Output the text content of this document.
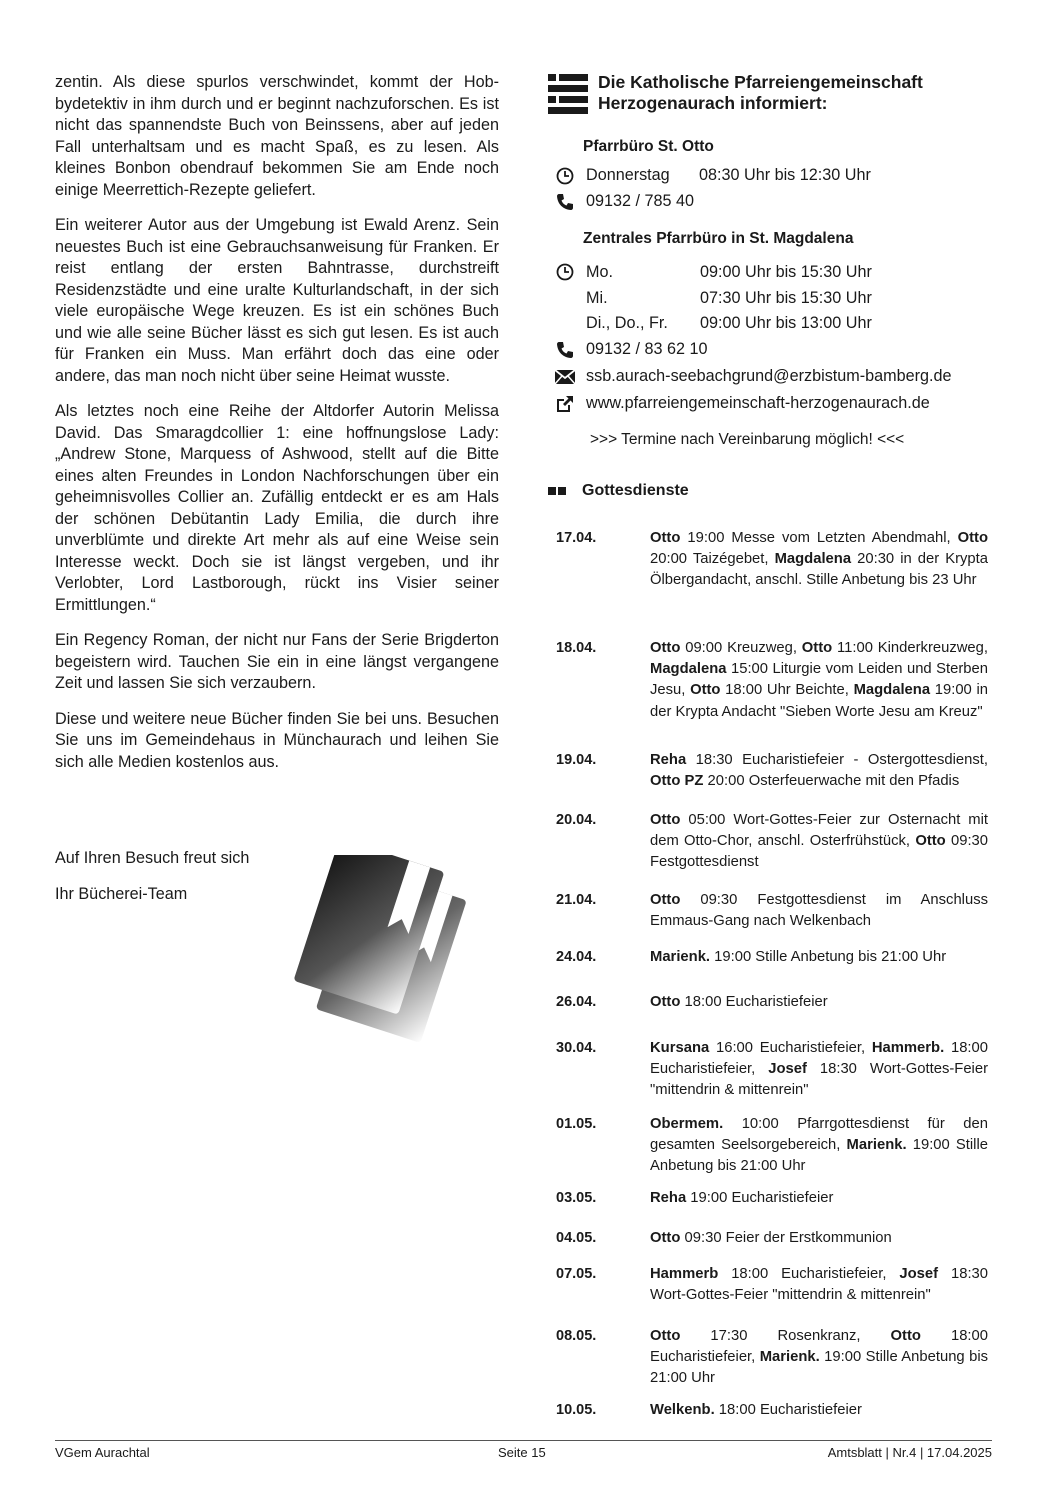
zentin. Als diese spurlos verschwindet, kommt der Hobbydetektiv in ihm durch und er beginnt nachzuforschen. Es ist nicht das spannendste Buch von Beinssens, aber auf jeden Fall unterhaltsam und es macht Spaß, es zu lesen. Als kleines Bonbon obendrauf bekommen Sie am Ende noch einige Meerrettich-Rezepte geliefert.

Ein weiterer Autor aus der Umgebung ist Ewald Arenz. Sein neuestes Buch ist eine Gebrauchsanweisung für Franken. Er reist entlang der ersten Bahntrasse, durchstreift Residenzstädte und eine uralte Kulturlandschaft, in der sich viele europäische Wege kreuzen. Es ist ein schönes Buch und wie alle seine Bücher lässt es sich gut lesen. Es ist auch für Franken ein Muss. Man erfährt doch das eine oder andere, das man noch nicht über seine Heimat wusste.

Als letztes noch eine Reihe der Altdorfer Autorin Melissa David. Das Smaragdcollier 1: eine hoffnungslose Lady: „Andrew Stone, Marquess of Ashwood, stellt auf die Bitte eines alten Freundes in London Nachforschungen über ein geheimnisvolles Collier an. Zufällig entdeckt er es am Hals der schönen Debütantin Lady Emilia, die durch ihre unverblümte und direkte Art mehr als auf eine Weise sein Interesse weckt. Doch sie ist längst vergeben, und ihr Verlobter, Lord Lastborough, rückt ins Visier seiner Ermittlungen.“

Ein Regency Roman, der nicht nur Fans der Serie Brigderton begeistern wird. Tauchen Sie ein in eine längst vergangene Zeit und lassen Sie sich verzaubern.

Diese und weitere neue Bücher finden Sie bei uns. Besuchen Sie uns im Gemeindehaus in Münchaurach und leihen Sie sich alle Medien kostenlos aus.

Auf Ihren Besuch freut sich
Ihr Bücherei-Team
Die Katholische Pfarreiengemeinschaft
Herzogenaurach informiert:
Pfarrbüro St. Otto
Donnerstag	08:30 Uhr bis 12:30 Uhr
09132 / 785 40
Zentrales Pfarrbüro in St. Magdalena
Mo.	09:00 Uhr bis 15:30 Uhr
Mi.	07:30 Uhr bis 15:30 Uhr
Di., Do., Fr. 09:00 Uhr bis 13:00 Uhr
09132 / 83 62 10
ssb.aurach-seebachgrund@erzbistum-bamberg.de
www.pfarreiengemeinschaft-herzogenaurach.de
>>> Termine nach Vereinbarung möglich! <<<
Gottesdienste
17.04.	Otto 19:00 Messe vom Letzten Abendmahl, Otto 20:00 Taizégebet, Magdalena 20:30 in der Krypta Ölbergandacht, anschl. Stille Anbetung bis 23 Uhr
18.04.	Otto 09:00 Kreuzweg, Otto 11:00 Kinderkreuzweg, Magdalena 15:00 Liturgie vom Leiden und Sterben Jesu, Otto 18:00 Uhr Beichte, Magdalena 19:00 in der Krypta Andacht "Sieben Worte Jesu am Kreuz"
19.04.	Reha 18:30 Eucharistiefeier - Ostergottesdienst, Otto PZ 20:00 Osterfeuerwache mit den Pfadis
20.04.	Otto 05:00 Wort-Gottes-Feier zur Osternacht mit dem Otto-Chor, anschl. Osterfrühstück, Otto 09:30 Festgottesdienst
21.04.	Otto 09:30 Festgottesdienst im Anschluss Emmaus-Gang nach Welkenbach
24.04.	Marienk. 19:00 Stille Anbetung bis 21:00 Uhr
26.04.	Otto 18:00 Eucharistiefeier
30.04.	Kursana 16:00 Eucharistiefeier, Hammerb. 18:00 Eucharistiefeier, Josef 18:30 Wort-Gottes-Feier "mittendrin & mittenrein"
01.05.	Obermem. 10:00 Pfarrgottesdienst für den gesamten Seelsorgebereich, Marienk. 19:00 Stille Anbetung bis 21:00 Uhr
03.05.	Reha 19:00 Eucharistiefeier
04.05.	Otto 09:30 Feier der Erstkommunion
07.05.	Hammerb 18:00 Eucharistiefeier, Josef 18:30 Wort-Gottes-Feier "mittendrin & mittenrein"
08.05.	Otto 17:30 Rosenkranz, Otto 18:00 Eucharistiefeier, Marienk. 19:00 Stille Anbetung bis 21:00 Uhr
10.05.	Welkenb. 18:00 Eucharistiefeier
VGem Aurachtal	Seite 15	Amtsblatt | Nr.4 | 17.04.2025
